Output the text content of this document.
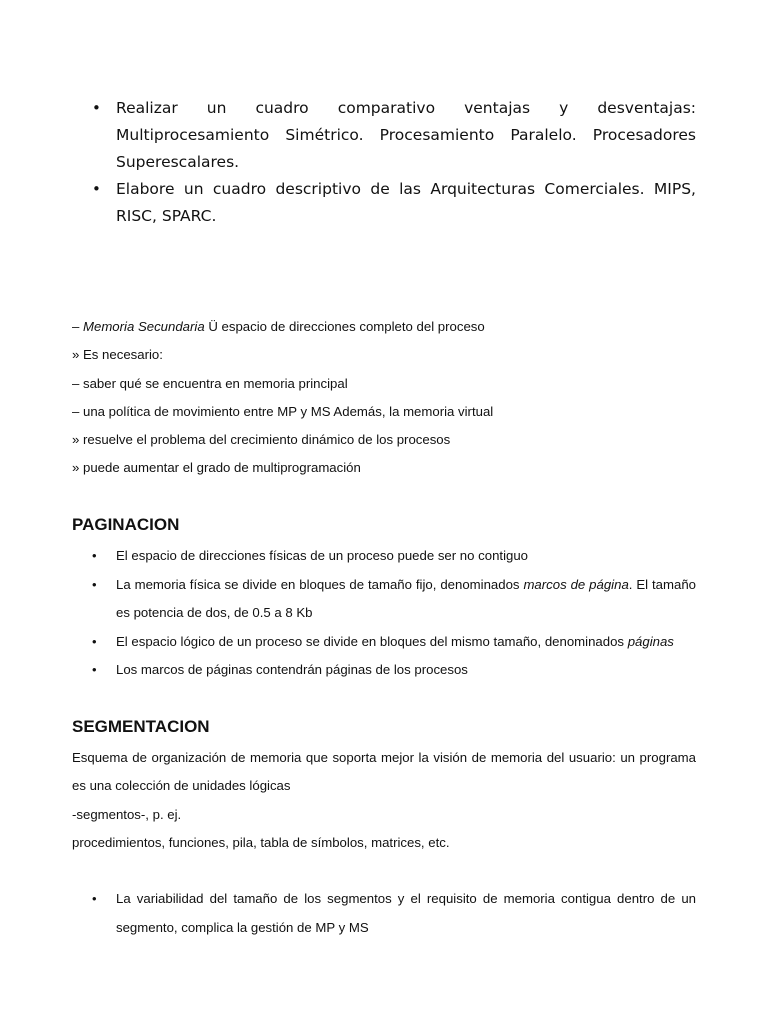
• Realizar un cuadro comparativo ventajas y desventajas: Multiprocesamiento Simétrico. Procesamiento Paralelo. Procesadores Superescalares.
• Elabore un cuadro descriptivo de las Arquitecturas Comerciales. MIPS, RISC, SPARC.

– Memoria Secundaria Ü espacio de direcciones completo del proceso

» Es necesario:

– saber qué se encuentra en memoria principal

– una política de movimiento entre MP y MS Además, la memoria virtual

» resuelve el problema del crecimiento dinámico de los procesos

» puede aumentar el grado de multiprogramación

PAGINACION
• El espacio de direcciones físicas de un proceso puede ser no contiguo
• La memoria física se divide en bloques de tamaño fijo, denominados marcos de página. El tamaño es potencia de dos, de 0.5 a 8 Kb
• El espacio lógico de un proceso se divide en bloques del mismo tamaño, denominados páginas
• Los marcos de páginas contendrán páginas de los procesos
SEGMENTACION

Esquema de organización de memoria que soporta mejor la visión de memoria del usuario: un programa es una colección de unidades lógicas

-segmentos-, p. ej.

procedimientos, funciones, pila, tabla de símbolos, matrices, etc.

• La variabilidad del tamaño de los segmentos y el requisito de memoria contigua dentro de un segmento, complica la gestión de MP y MS
